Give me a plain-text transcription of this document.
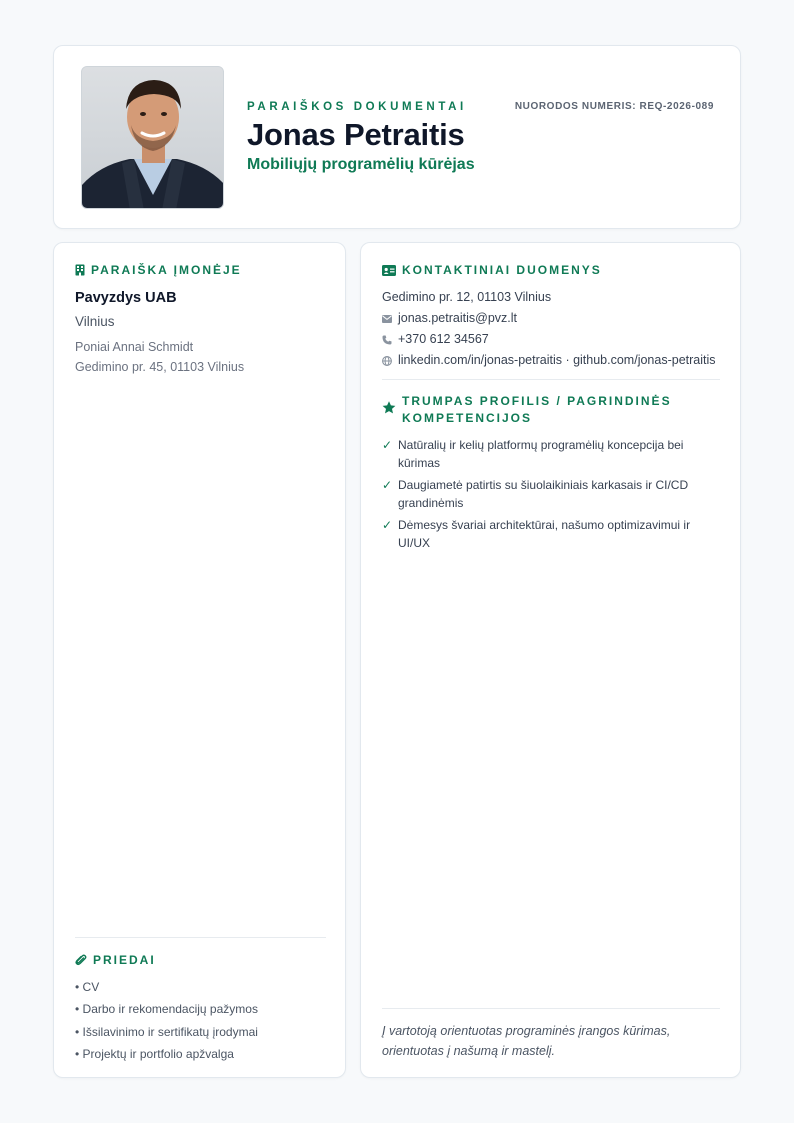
PARAIŠKOS DOKUMENTAI	NUORODOS NUMERIS: REQ-2026-089
Jonas Petraitis
Mobiliųjų programėlių kūrėjas
PARAIŠKA ĮMONĖJE
Pavyzdys UAB
Vilnius
Poniai Annai Schmidt
Gedimino pr. 45, 01103 Vilnius
PRIEDAI
• CV
• Darbo ir rekomendacijų pažymos
• Išsilavinimo ir sertifikatų įrodymai
• Projektų ir portfolio apžvalga
KONTAKTINIAI DUOMENYS
Gedimino pr. 12, 01103 Vilnius
jonas.petraitis@pvz.lt
+370 612 34567
linkedin.com/in/jonas-petraitis · github.com/jonas-petraitis
TRUMPAS PROFILIS / PAGRINDINĖS
KOMPETENCIJOS
✓ Natūralių ir kelių platformų programėlių koncepcija bei kūrimas
✓ Daugiametė patirtis su šiuolaikiniais karkasais ir CI/CD grandinėmis
✓ Dėmesys švariai architektūrai, našumo optimizavimui ir UI/UX
Į vartotoją orientuotas programinės įrangos kūrimas, orientuotas į našumą ir mastelį.
